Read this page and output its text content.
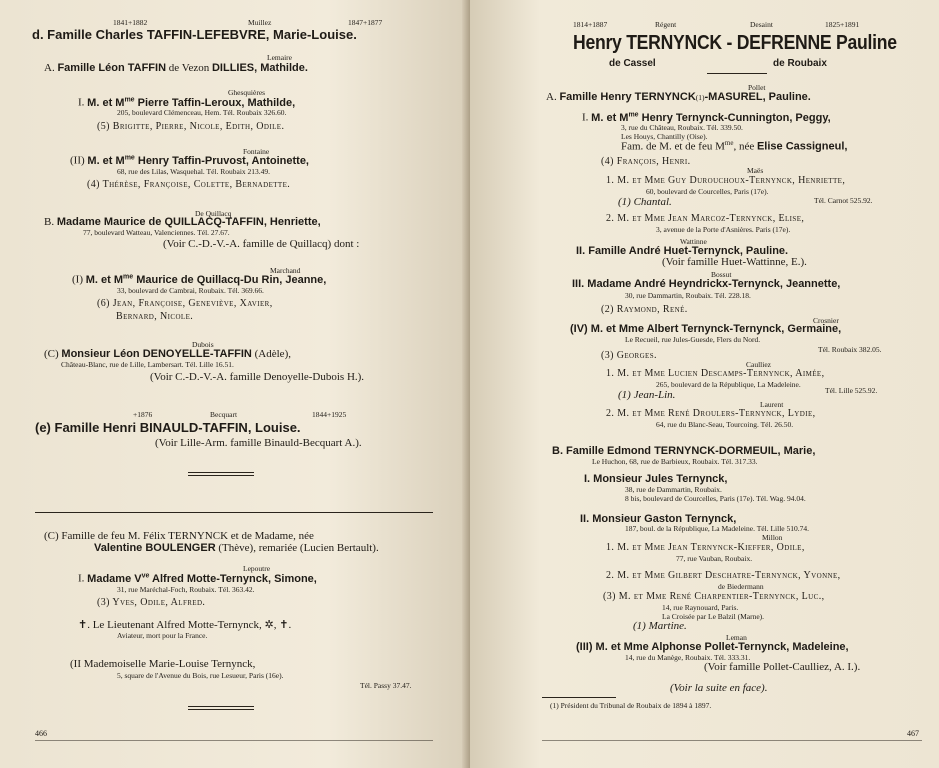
1841+1882	Muillez	1847+1877
d. Famille Charles TAFFIN-LEFEBVRE, Marie-Louise.
Lemaire
A. Famille Léon TAFFIN de Vezon DILLIES, Mathilde.
Ghesquières
I. M. et $M^{me}$ Pierre Taffin-Leroux, Mathilde,
205, boulevard Clémenceau, Hem. Tél. Roubaix 326.60.
(5) Brigitte, Pierre, Nicole, Edith, Odile.
Fontaine
(II) M. et $M^{me}$ Henry Taffin-Pruvost, Antoinette,
68, rue des Lilas, Wasquehal. Tél. Roubaix 213.49.
(4) Thérèse, Françoise, Colette, Bernadette.
De Quillacq
B. Madame Maurice de QUILLACQ-TAFFIN, Henriette,
77, boulevard Watteau, Valenciennes. Tél. 27.67.
(Voir C.-D.-V.-A. famille de Quillacq) dont :
Marchand
(I) M. et $M^{me}$ Maurice de Quillacq-Du Rin, Jeanne,
33, boulevard de Cambrai, Roubaix. Tél. 369.66.
(6) Jean, Françoise, Geneviève, Xavier,
Bernard, Nicole.
Dubois
(C) Monsieur Léon DENOYELLE-TAFFIN (Adèle),
Château-Blanc, rue de Lille, Lambersart. Tél. Lille 16.51.
(Voir C.-D.-V.-A. famille Denoyelle-Dubois H.).
+1876	Becquart	1844+1925
(e) Famille Henri BINAULD-TAFFIN, Louise.
(Voir Lille-Arm. famille Binauld-Becquart A.).
(C) Famille de feu M. Félix TERNYNCK et de Madame, née
Valentine BOULENGER (Thève), remariée (Lucien Bertault).
Lepoutre
I. Madame $V^{ve}$ Alfred Motte-Ternynck, Simone,
31, rue Maréchal-Foch, Roubaix. Tél. 363.42.
(3) Yves, Odile, Alfred.
✝. Le Lieutenant Alfred Motte-Ternynck, ✲, ✝.
Aviateur, mort pour la France.
(II Mademoiselle Marie-Louise Ternynck,
5, square de l'Avenue du Bois, rue Lesueur, Paris (16e).
Tél. Passy 37.47.
466
1814+1887	Régent	Desaint	1825+1891
Henry TERNYNCK - DEFRENNE Pauline
de Cassel	de Roubaix
Pollet
A. Famille Henry TERNYNCK(1)-MASUREL, Pauline.
I. M. et $M^{me}$ Henry Ternynck-Cunnington, Peggy,
3, rue du Château, Roubaix. Tél. 339.50.
Les Houys, Chantilly (Oise).
Fam. de M. et de feu $M^{me}$, née Elise Cassigneul,
(4) François, Henri.
Maës
1. M. et Mme Guy Durouchoux-Ternynck, Henriette,
60, boulevard de Courcelles, Paris (17e).
(1) Chantal.	Tél. Carnot 525.92.
2. M. et Mme Jean Marcoz-Ternynck, Elise,
3, avenue de la Porte d'Asnières. Paris (17e).
Wattinne
II. Famille André Huet-Ternynck, Pauline.
(Voir famille Huet-Wattinne, E.).
Bossut
III. Madame André Heyndrickx-Ternynck, Jeannette,
30, rue Dammartin, Roubaix. Tél. 228.18.
(2) Raymond, René.
Crosnier
(IV) M. et Mme Albert Ternynck-Ternynck, Germaine,
Le Recueil, rue Jules-Guesde, Flers du Nord.
Tél. Roubaix 382.05.
(3) Georges.
Caulliez
1. M. et Mme Lucien Descamps-Ternynck, Aimée,
265, boulevard de la République, La Madeleine.
(1) Jean-Lin.	Tél. Lille 525.92.
Laurent
2. M. et Mme René Droulers-Ternynck, Lydie,
64, rue du Blanc-Seau, Tourcoing. Tél. 26.50.
B. Famille Edmond TERNYNCK-DORMEUIL, Marie,
Le Huchon, 68, rue de Barbieux, Roubaix. Tél. 317.33.
I. Monsieur Jules Ternynck,
38, rue de Dammartin, Roubaix.
8 bis, boulevard de Courcelles, Paris (17e). Tél. Wag. 94.04.
II. Monsieur Gaston Ternynck,
187, boul. de la République, La Madeleine. Tél. Lille 510.74.
Millon
1. M. et Mme Jean Ternynck-Kieffer, Odile,
77, rue Vauban, Roubaix.
2. M. et Mme Gilbert Deschatre-Ternynck, Yvonne,
de Biedermann
(3) M. et Mme René Charpentier-Ternynck, Luc.,
14, rue Raynouard, Paris.
La Croisée par Le Balzil (Marne).
(1) Martine.
Leman
(III) M. et Mme Alphonse Pollet-Ternynck, Madeleine,
14, rue du Manège, Roubaix. Tél. 333.31.
(Voir famille Pollet-Caulliez, A. I.).
(Voir la suite en face).
(1) Président du Tribunal de Roubaix de 1894 à 1897.
467
